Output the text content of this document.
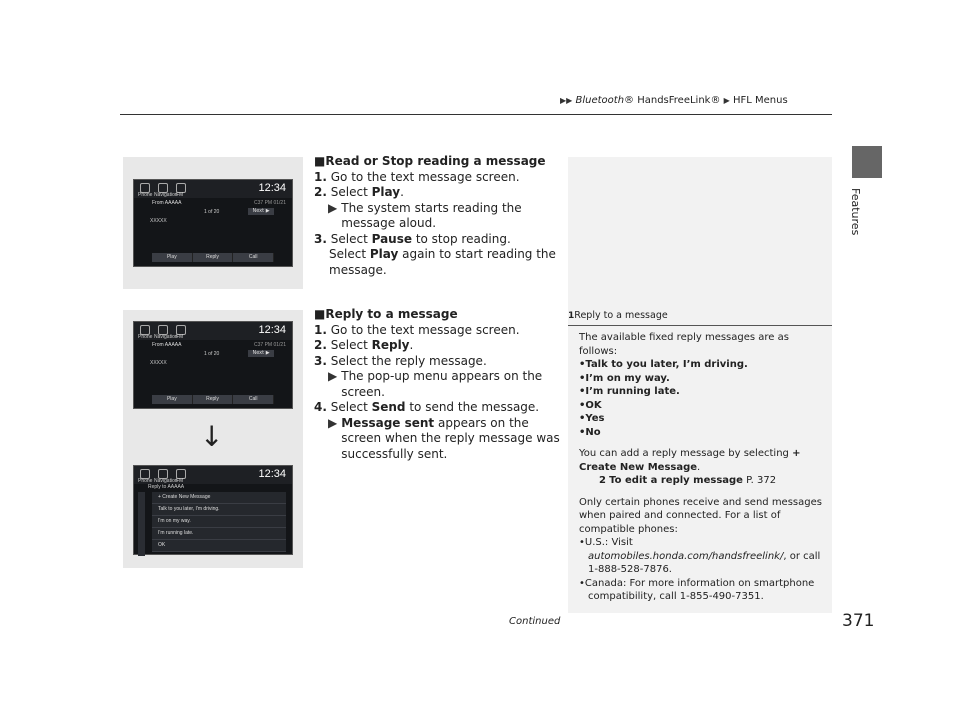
▶▶ Bluetooth® HandsFreeLink® ▶ HFL Menus
Features
Phone Navigation
FM
12:34
From AAAAA	C37 PM 01/21
1 of 20	Next ▶
XXXXX
Play	Reply	Call
Phone Navigation
FM
12:34
From AAAAA	C37 PM 01/21
1 of 20	Next ▶
XXXXX
Play	Reply	Call
↓
Phone Navigation
FM
12:34
Reply to AAAAA
+ Create New Message
Talk to you later, I'm driving.
I'm on my way.
I'm running late.
OK
■Read or Stop reading a message
1. Go to the text message screen.
2. Select Play.
▶ The system starts reading the message aloud.
3. Select Pause to stop reading.
Select Play again to start reading the message.
■Reply to a message
1. Go to the text message screen.
2. Select Reply.
3. Select the reply message.
▶ The pop-up menu appears on the screen.
4. Select Send to send the message.
▶ Message sent appears on the screen when the reply message was successfully sent.
1Reply to a message
The available fixed reply messages are as follows:
•Talk to you later, I’m driving.
•I’m on my way.
•I’m running late.
•OK
•Yes
•No
You can add a reply message by selecting + Create New Message.
2 To edit a reply message P. 372
Only certain phones receive and send messages when paired and connected. For a list of compatible phones:
•U.S.: Visit automobiles.honda.com/handsfreelink/, or call 1-888-528-7876.
•Canada: For more information on smartphone compatibility, call 1-855-490-7351.
Continued	371
